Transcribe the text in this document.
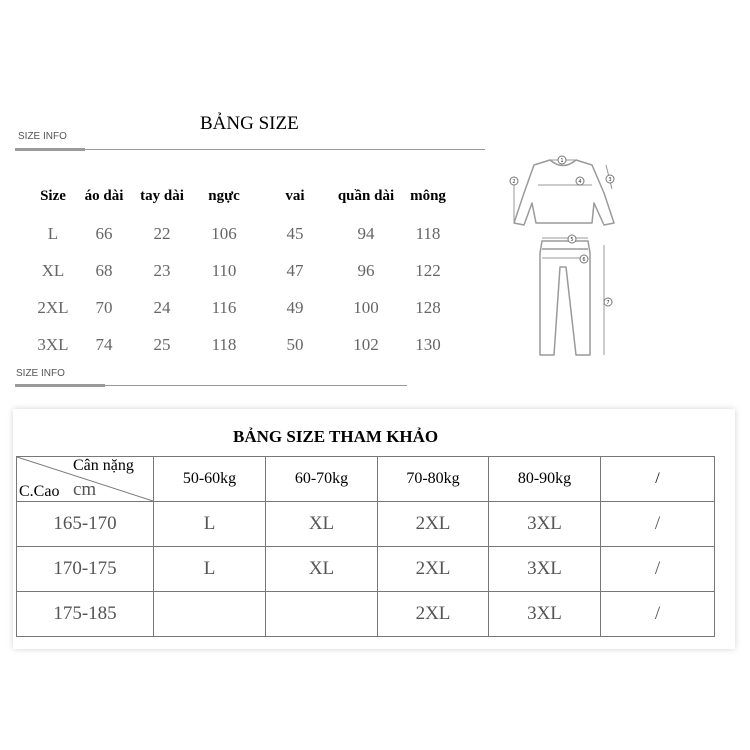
BẢNG SIZE
SIZE INFO
Size	áo dài	tay dài	ngực	vai	quần dài	mông
L	66	22	106	45	94	118
XL	68	23	110	47	96	122
2XL	70	24	116	49	100	128
3XL	74	25	118	50	102	130
SIZE INFO
1
2	3
4
5
6
7
BẢNG SIZE THAM KHẢO
Cân nặng
C.Cao cm	50-60kg	60-70kg	70-80kg	80-90kg	/
165-170	L	XL	2XL	3XL	/
170-175	L	XL	2XL	3XL	/
175-185			2XL	3XL	/
